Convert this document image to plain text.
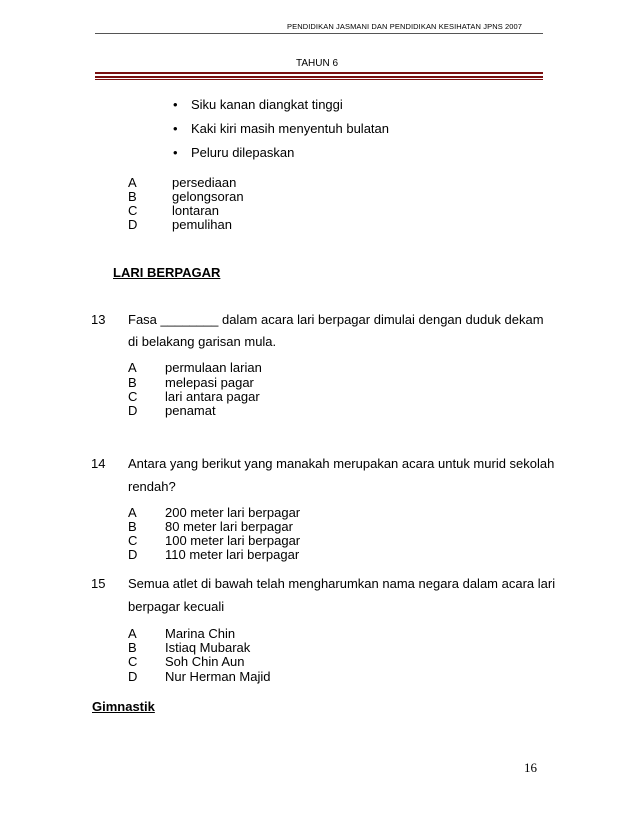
PENDIDIKAN JASMANI DAN PENDIDIKAN KESIHATAN JPNS 2007
TAHUN 6
• Siku kanan diangkat tinggi
• Kaki kiri masih menyentuh bulatan
• Peluru dilepaskan
A	persediaan
B	gelongsoran
C	lontaran
D	pemulihan
LARI BERPAGAR
13 Fasa ________ dalam acara lari berpagar dimulai dengan duduk dekam
di belakang garisan mula.
A permulaan larian
B melepasi pagar
C lari antara pagar
D penamat
14 Antara yang berikut yang manakah merupakan acara untuk murid sekolah
rendah?
A 200 meter lari berpagar
B 80 meter lari berpagar
C 100 meter lari berpagar
D 110 meter lari berpagar
15 Semua atlet di bawah telah mengharumkan nama negara dalam acara lari
berpagar kecuali
A Marina Chin
B Istiaq Mubarak
C Soh Chin Aun
D Nur Herman Majid
Gimnastik
16
